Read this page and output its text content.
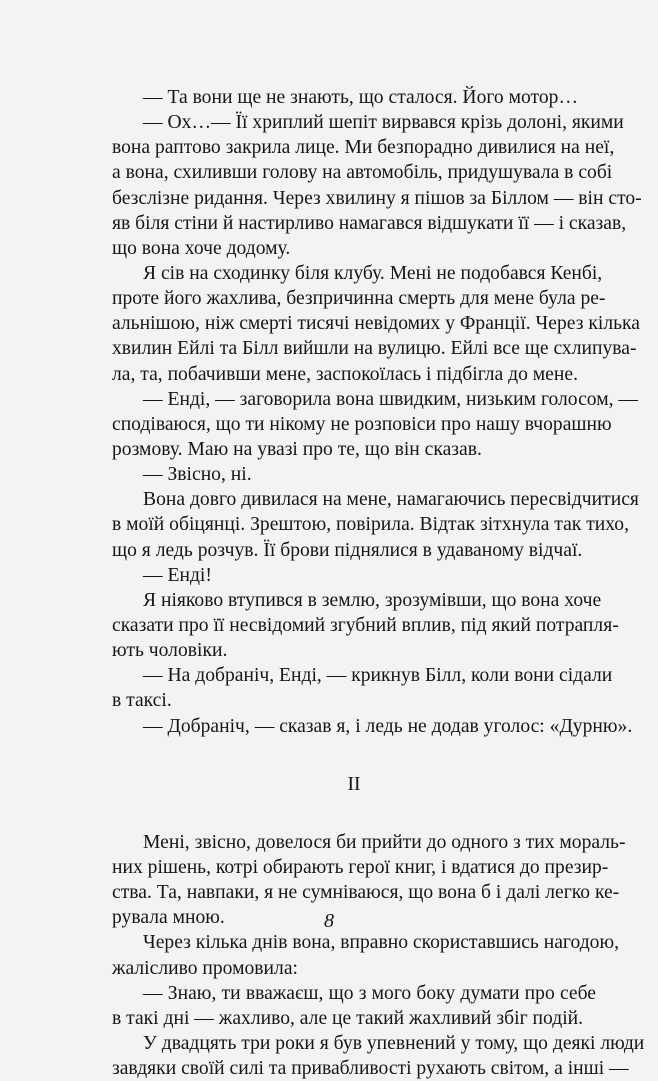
— Та вони ще не знають, що сталося. Його мотор…
— Ох…— Її хриплий шепіт вирвався крізь долоні, якими
вона раптово закрила лице. Ми безпорадно дивилися на неї,
а вона, схиливши голову на автомобіль, придушувала в собі
безслізне ридання. Через хвилину я пішов за Біллом — він сто-
яв біля стіни й настирливо намагався відшукати її — і сказав,
що вона хоче додому.
Я сів на сходинку біля клубу. Мені не подобався Кенбі,
проте його жахлива, безпричинна смерть для мене була ре-
альнішою, ніж смерті тисячі невідомих у Франції. Через кілька
хвилин Ейлі та Білл вийшли на вулицю. Ейлі все ще схлипува-
ла, та, побачивши мене, заспокоїлась і підбігла до мене.
— Енді, — заговорила вона швидким, низьким голосом, —
сподіваюся, що ти нікому не розповіси про нашу вчорашню
розмову. Маю на увазі про те, що він сказав.
— Звісно, ні.
Вона довго дивилася на мене, намагаючись пересвідчитися
в моїй обіцянці. Зрештою, повірила. Відтак зітхнула так тихо,
що я ледь розчув. Її брови піднялися в удаваному відчаї.
— Енді!
Я ніяково втупився в землю, зрозумівши, що вона хоче
сказати про її несвідомий згубний вплив, під який потрапля-
ють чоловіки.
— На добраніч, Енді, — крикнув Білл, коли вони сідали
в таксі.
— Добраніч, — сказав я, і ледь не додав уголос: «Дурню».
II
Мені, звісно, довелося би прийти до одного з тих мораль-
них рішень, котрі обирають герої книг, і вдатися до презир-
ства. Та, навпаки, я не сумніваюся, що вона б і далі легко ке-
рувала мною.
Через кілька днів вона, вправно скориставшись нагодою,
жалісливо промовила:
— Знаю, ти вважаєш, що з мого боку думати про себе
в такі дні — жахливо, але це такий жахливий збіг подій.
У двадцять три роки я був упевнений у тому, що деякі люди
завдяки своїй силі та привабливості рухають світом, а інші —
8
